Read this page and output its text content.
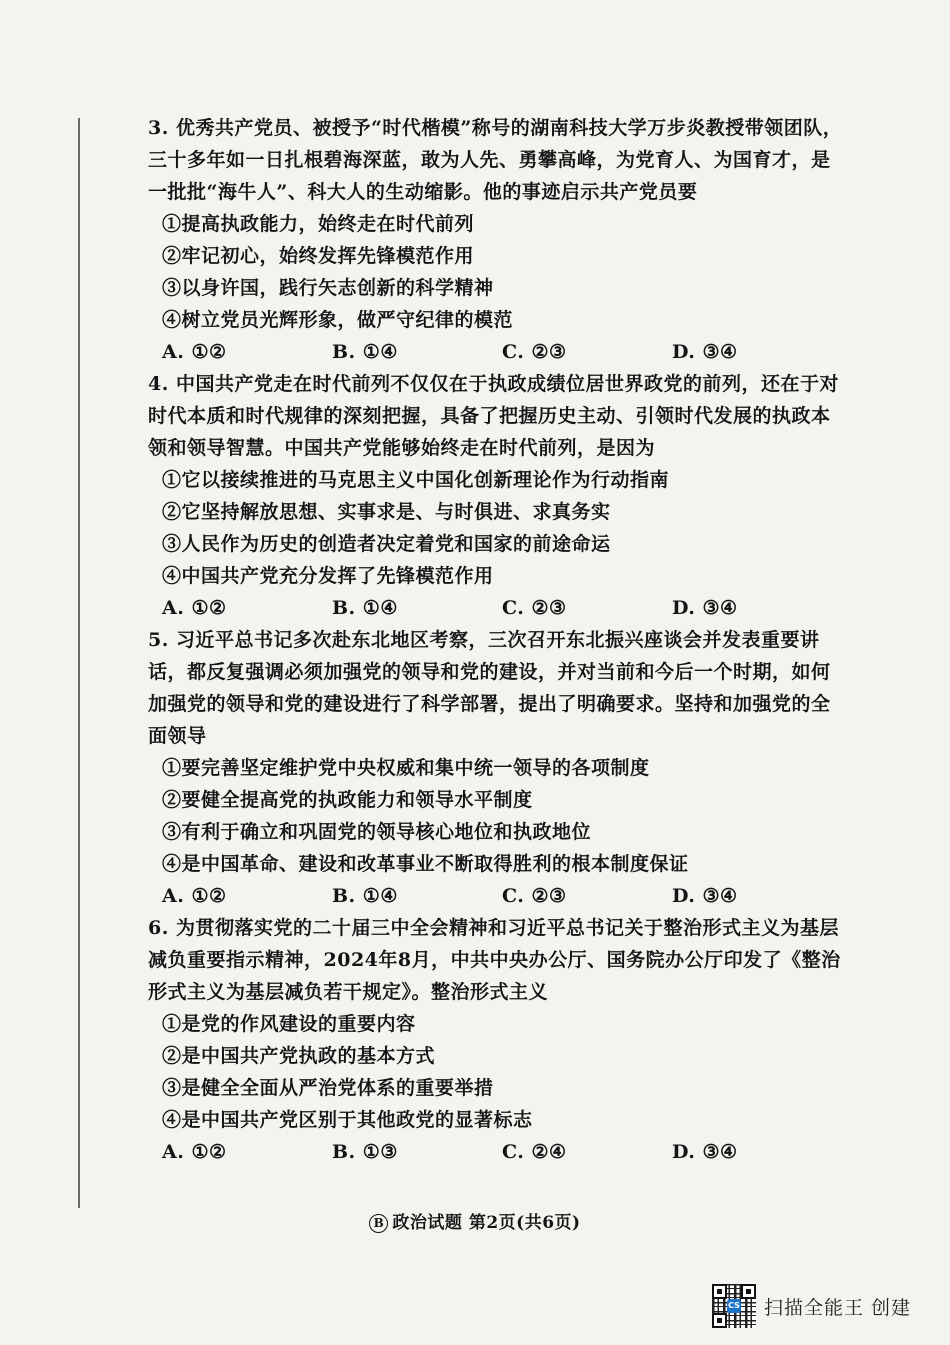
3. 优秀共产党员、被授予“时代楷模”称号的湖南科技大学万步炎教授带领团队，三十多年如一日扎根碧海深蓝，敢为人先、勇攀高峰，为党育人、为国育才，是一批批“海牛人”、科大人的生动缩影。他的事迹启示共产党员要
①提高执政能力，始终走在时代前列
②牢记初心，始终发挥先锋模范作用
③以身许国，践行矢志创新的科学精神
④树立党员光辉形象，做严守纪律的模范
A. ①②	B. ①④	C. ②③	D. ③④
4. 中国共产党走在时代前列不仅仅在于执政成绩位居世界政党的前列，还在于对时代本质和时代规律的深刻把握，具备了把握历史主动、引领时代发展的执政本领和领导智慧。中国共产党能够始终走在时代前列，是因为
①它以接续推进的马克思主义中国化创新理论作为行动指南
②它坚持解放思想、实事求是、与时俱进、求真务实
③人民作为历史的创造者决定着党和国家的前途命运
④中国共产党充分发挥了先锋模范作用
A. ①②	B. ①④	C. ②③	D. ③④
5. 习近平总书记多次赴东北地区考察，三次召开东北振兴座谈会并发表重要讲话，都反复强调必须加强党的领导和党的建设，并对当前和今后一个时期，如何加强党的领导和党的建设进行了科学部署，提出了明确要求。坚持和加强党的全面领导
①要完善坚定维护党中央权威和集中统一领导的各项制度
②要健全提高党的执政能力和领导水平制度
③有利于确立和巩固党的领导核心地位和执政地位
④是中国革命、建设和改革事业不断取得胜利的根本制度保证
A. ①②	B. ①④	C. ②③	D. ③④
6. 为贯彻落实党的二十届三中全会精神和习近平总书记关于整治形式主义为基层减负重要指示精神，2024年8月，中共中央办公厅、国务院办公厅印发了《整治形式主义为基层减负若干规定》。整治形式主义
①是党的作风建设的重要内容
②是中国共产党执政的基本方式
③是健全全面从严治党体系的重要举措
④是中国共产党区别于其他政党的显著标志
A. ①②	B. ①③	C. ②④	D. ③④
B 政治试题 第2页(共6页)
CS 扫描全能王 创建
